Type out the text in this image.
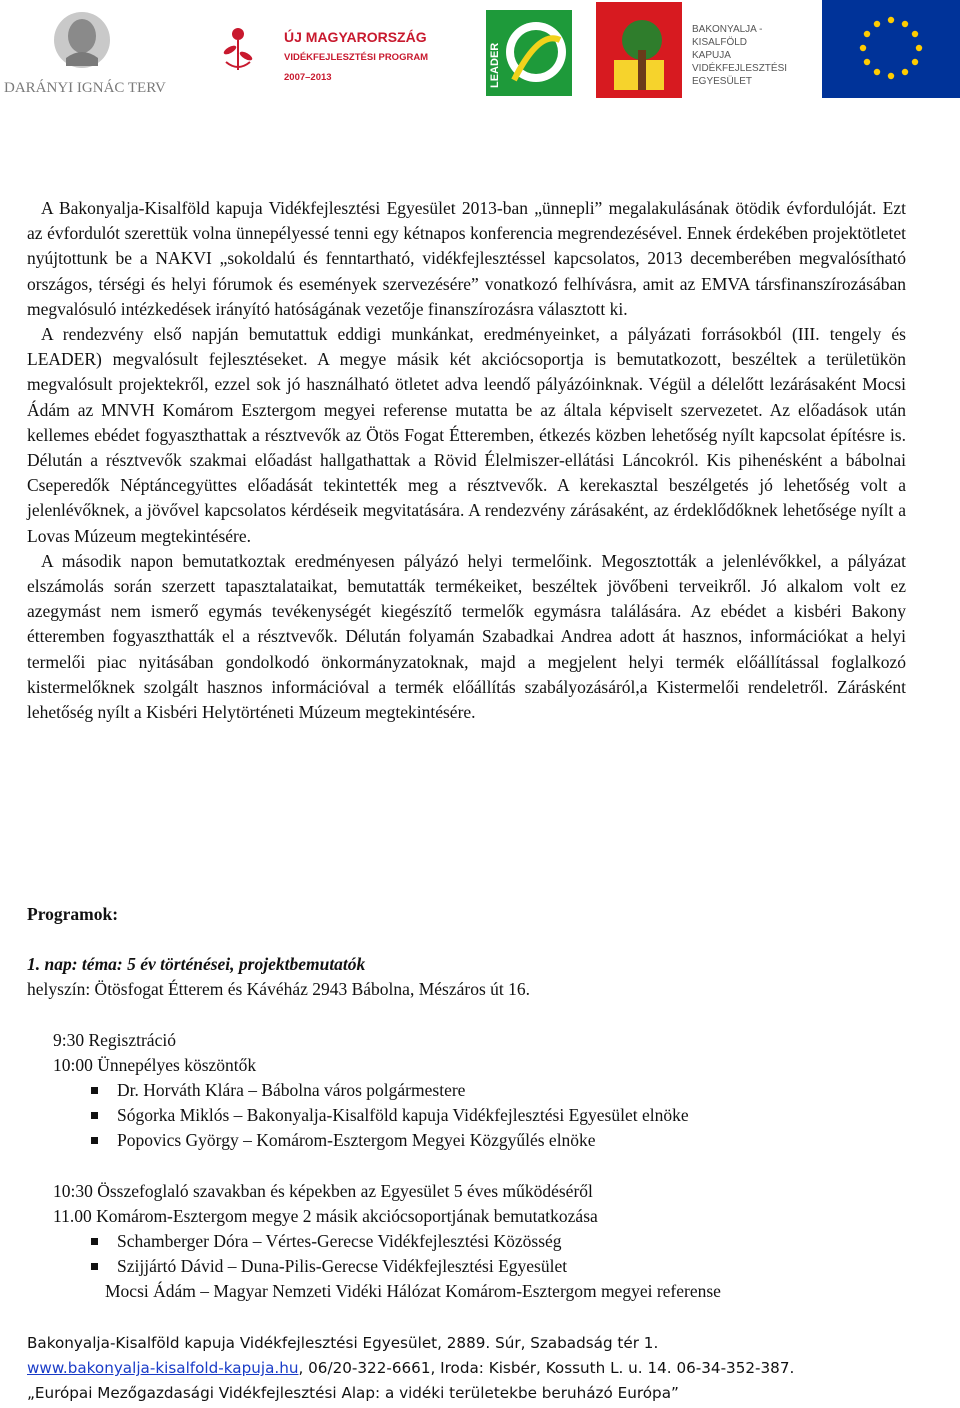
DARÁNYI IGNÁC TERV
ÚJ MAGYARORSZÁG
VIDÉKFEJLESZTÉSI PROGRAM
2007–2013	LEADER
BAKONYALJA -
KISALFÖLD
KAPUJA
VIDÉKFEJLESZTÉSI
EGYESÜLET

A Bakonyalja-Kisalföld kapuja Vidékfejlesztési Egyesület 2013-ban „ünnepli” megalakulásának ötödik évfordulóját. Ezt az évfordulót szerettük volna ünnepélyessé tenni egy kétnapos konferencia megrendezésével. Ennek érdekében projektötletet nyújtottunk be a NAKVI „sokoldalú és fenntartható, vidékfejlesztéssel kapcsolatos, 2013 decemberében megvalósítható országos, térségi és helyi fórumok és események szervezésére” vonatkozó felhívásra, amit az EMVA társfinanszírozásában megvalósuló intézkedések irányító hatóságának vezetője finanszírozásra választott ki.

A rendezvény első napján bemutattuk eddigi munkánkat, eredményeinket, a pályázati forrásokból (III. tengely és LEADER) megvalósult fejlesztéseket. A megye másik két akciócsoportja is bemutatkozott, beszéltek a területükön megvalósult projektekről, ezzel sok jó használható ötletet adva leendő pályázóinknak. Végül a délelőtt lezárásaként Mocsi Ádám az MNVH Komárom Esztergom megyei referense mutatta be az általa képviselt szervezetet. Az előadások után kellemes ebédet fogyaszthattak a résztvevők az Ötös Fogat Étteremben, étkezés közben lehetőség nyílt kapcsolat építésre is. Délután a résztvevők szakmai előadást hallgathattak a Rövid Élelmiszer-ellátási Láncokról. Kis pihenésként a bábolnai Cseperedők Néptáncegyüttes előadását tekintették meg a résztvevők. A kerekasztal beszélgetés jó lehetőség volt a jelenlévőknek, a jövővel kapcsolatos kérdéseik megvitatására. A rendezvény zárásaként, az érdeklődőknek lehetősége nyílt a Lovas Múzeum megtekintésére.

A második napon bemutatkoztak eredményesen pályázó helyi termelőink. Megosztották a jelenlévőkkel, a pályázat elszámolás során szerzett tapasztalataikat, bemutatták termékeiket, beszéltek jövőbeni terveikről. Jó alkalom volt ez azegymást nem ismerő egymás tevékenységét kiegészítő termelők egymásra találására. Az ebédet a kisbéri Bakony étteremben fogyaszthatták el a résztvevők. Délután folyamán Szabadkai Andrea adott át hasznos, információkat a helyi termelői piac nyitásában gondolkodó önkormányzatoknak, majd a megjelent helyi termék előállítással foglalkozó kistermelőknek szolgált hasznos információval a termék előállítás szabályozásáról,a Kistermelői rendeletről. Zárásként lehetőség nyílt a Kisbéri Helytörténeti Múzeum megtekintésére.

Programok:

1. nap: téma: 5 év történései, projektbemutatók

helyszín: Ötösfogat Étterem és Kávéház 2943 Bábolna, Mészáros út 16.

9:30 Regisztráció

10:00 Ünnepélyes köszöntők

Dr. Horváth Klára – Bábolna város polgármestere
Sógorka Miklós – Bakonyalja-Kisalföld kapuja Vidékfejlesztési Egyesület elnöke
Popovics György – Komárom-Esztergom Megyei Közgyűlés elnöke

10:30 Összefoglaló szavakban és képekben az Egyesület 5 éves működéséről

11.00 Komárom-Esztergom megye 2 másik akciócsoportjának bemutatkozása

Schamberger Dóra – Vértes-Gerecse Vidékfejlesztési Közösség
Szijjártó Dávid – Duna-Pilis-Gerecse Vidékfejlesztési Egyesület

Mocsi Ádám – Magyar Nemzeti Vidéki Hálózat Komárom-Esztergom megyei referense

Bakonyalja-Kisalföld kapuja Vidékfejlesztési Egyesület, 2889. Súr, Szabadság tér 1.

www.bakonyalja-kisalfold-kapuja.hu, 06/20-322-6661, Iroda: Kisbér, Kossuth L. u. 14. 06-34-352-387.

„Európai Mezőgazdasági Vidékfejlesztési Alap: a vidéki területekbe beruházó Európa”
